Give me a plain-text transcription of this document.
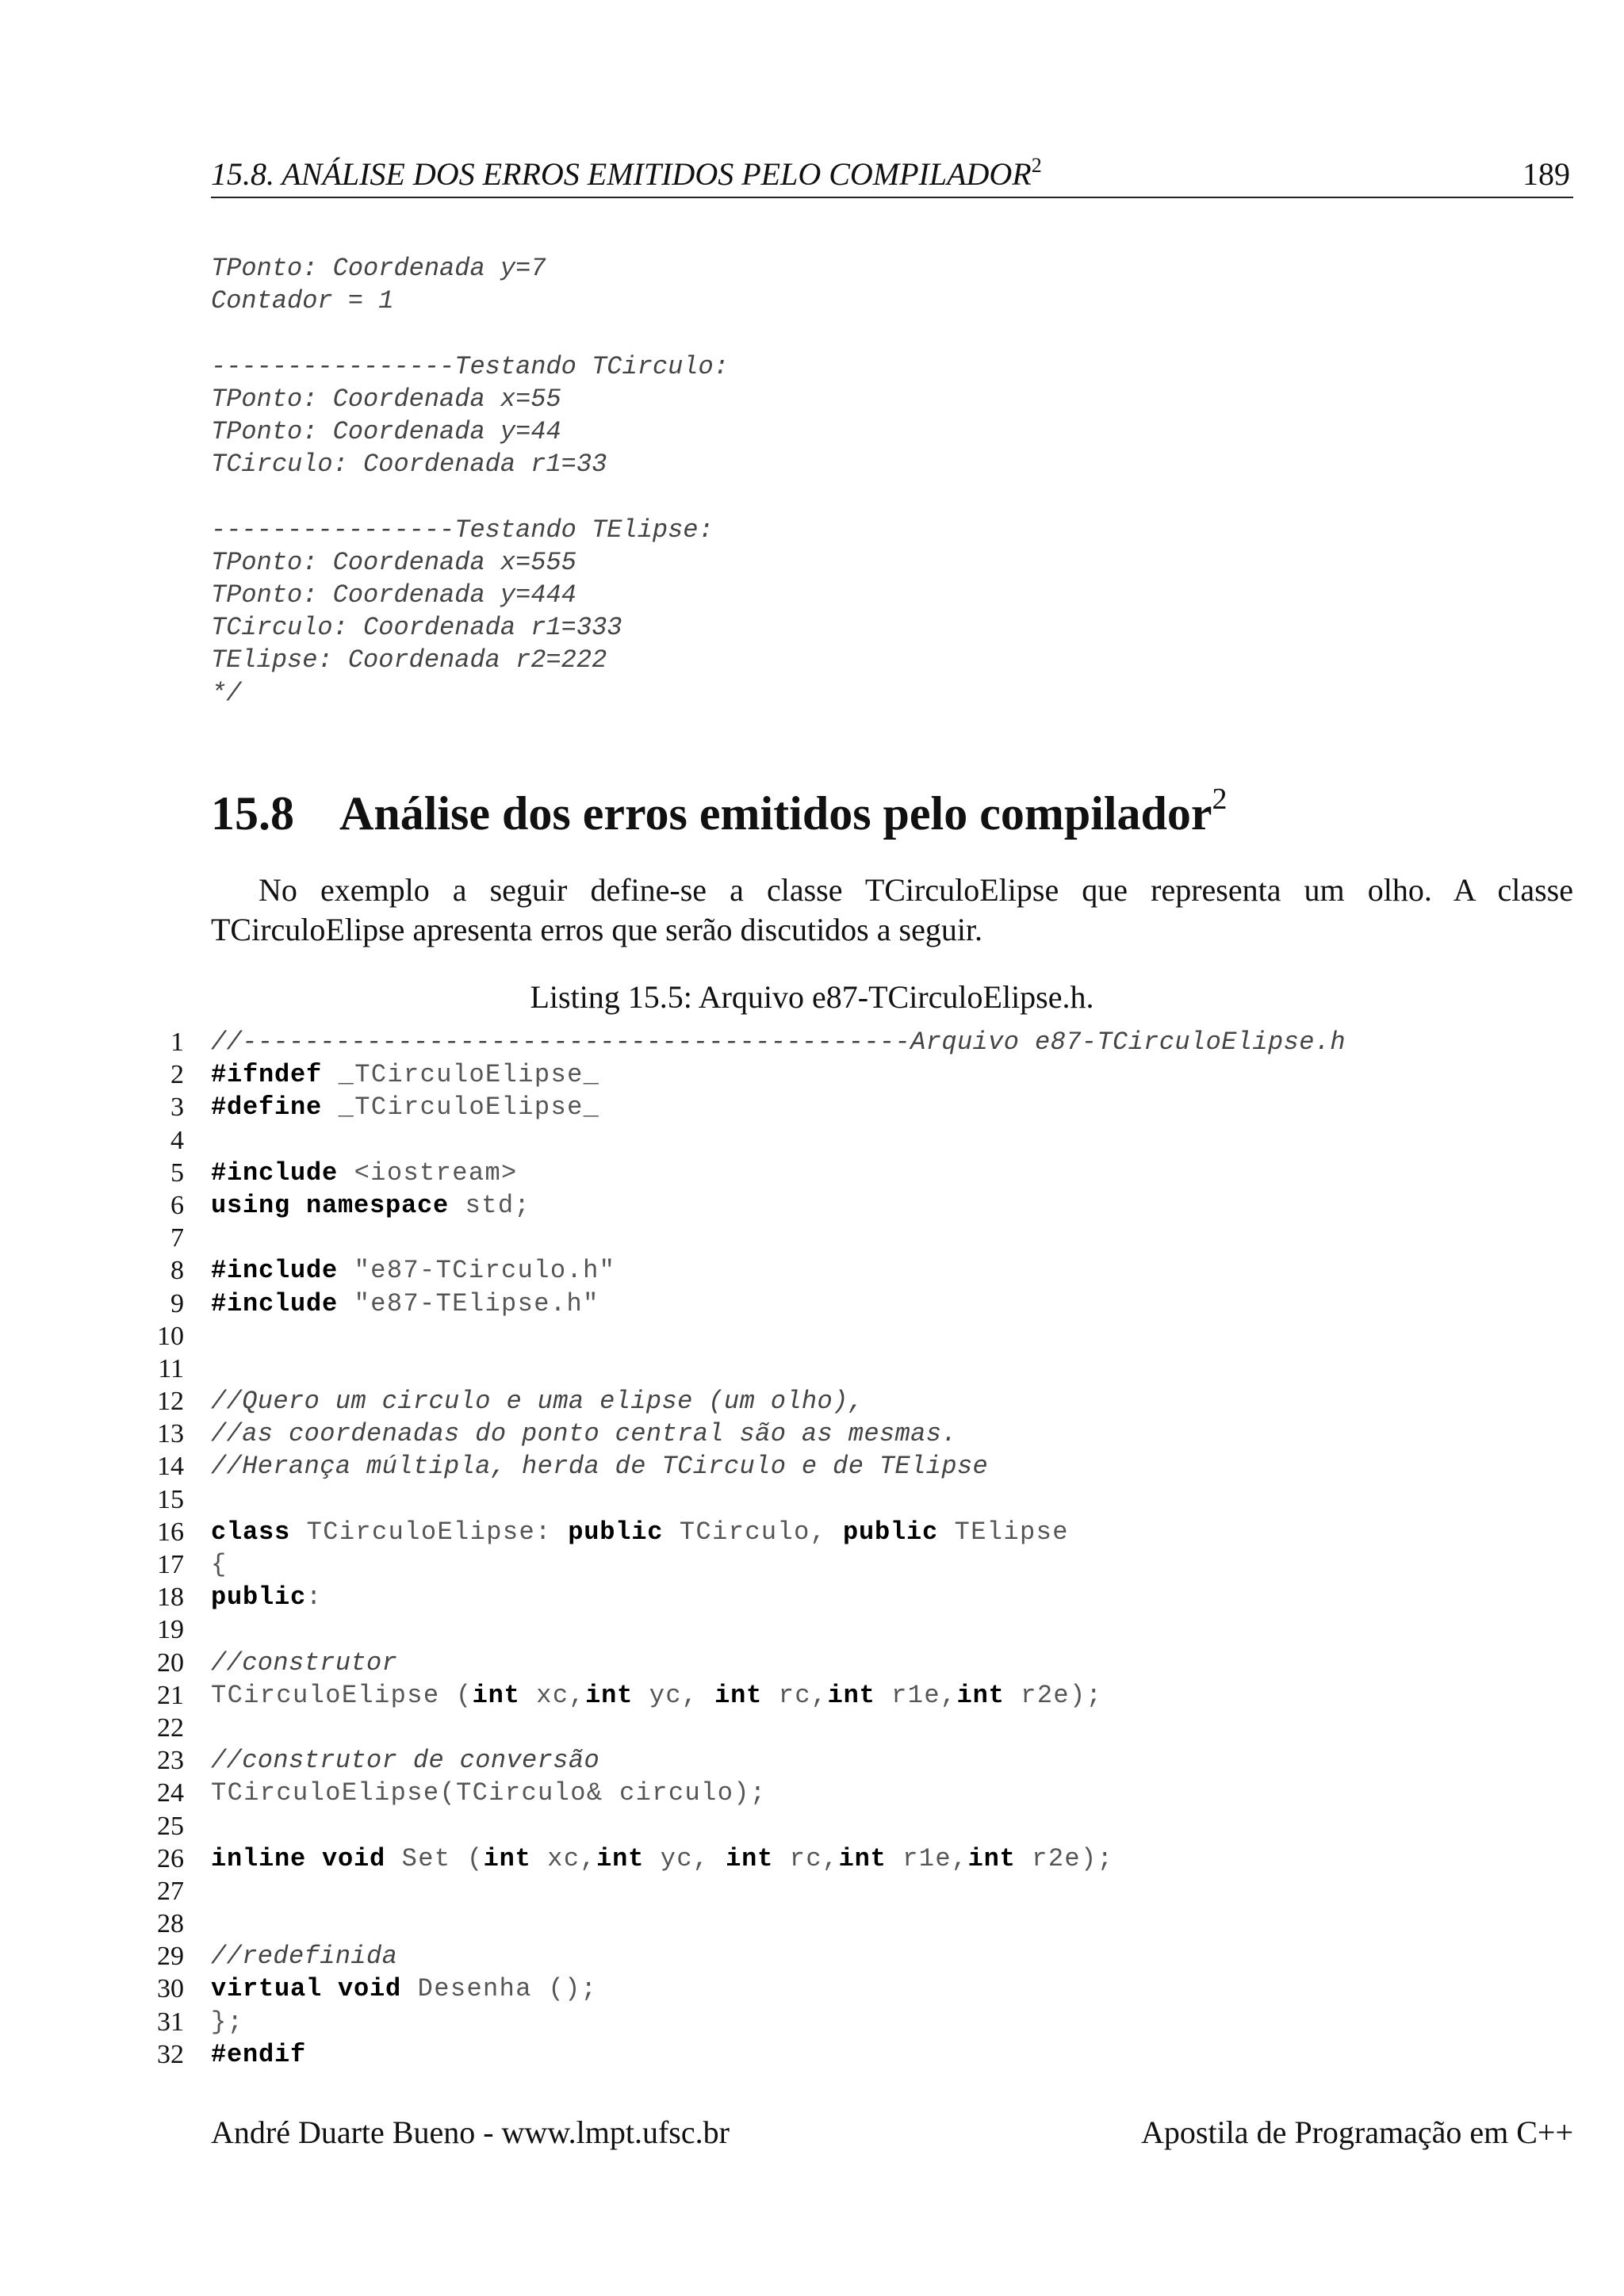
15.8. ANÁLISE DOS ERROS EMITIDOS PELO COMPILADOR$^2$	189
TPonto: Coordenada y=7
Contador = 1

----------------Testando TCirculo:
TPonto: Coordenada x=55
TPonto: Coordenada y=44
TCirculo: Coordenada r1=33

----------------Testando TElipse:
TPonto: Coordenada x=555
TPonto: Coordenada y=444
TCirculo: Coordenada r1=333
TElipse: Coordenada r2=222
*/

15.8 Análise dos erros emitidos pelo compilador$^2$

No exemplo a seguir define-se a classe TCirculoElipse que representa um olho. A classe TCirculoElipse apresenta erros que serão discutidos a seguir.

Listing 15.5: Arquivo e87-TCirculoElipse.h.
1 //-------------------------------------------Arquivo e87-TCirculoElipse.h
2 #ifndef _TCirculoElipse_
3 #define _TCirculoElipse_
4
5 #include <iostream>
6 using namespace std;
7
8 #include "e87-TCirculo.h"
9 #include "e87-TElipse.h"
10
11
12 //Quero um circulo e uma elipse (um olho),
13 //as coordenadas do ponto central são as mesmas.
14 //Herança múltipla, herda de TCirculo e de TElipse
15
16 class TCirculoElipse: public TCirculo, public TElipse
17 {
18 public:
19
20 //construtor
21 TCirculoElipse (int xc,int yc, int rc,int r1e,int r2e);
22
23 //construtor de conversão
24 TCirculoElipse(TCirculo& circulo);
25
26 inline void Set (int xc,int yc, int rc,int r1e,int r2e);
27
28
29 //redefinida
30 virtual void Desenha ();
31 };
32 #endif
André Duarte Bueno - www.lmpt.ufsc.br	Apostila de Programação em C++
